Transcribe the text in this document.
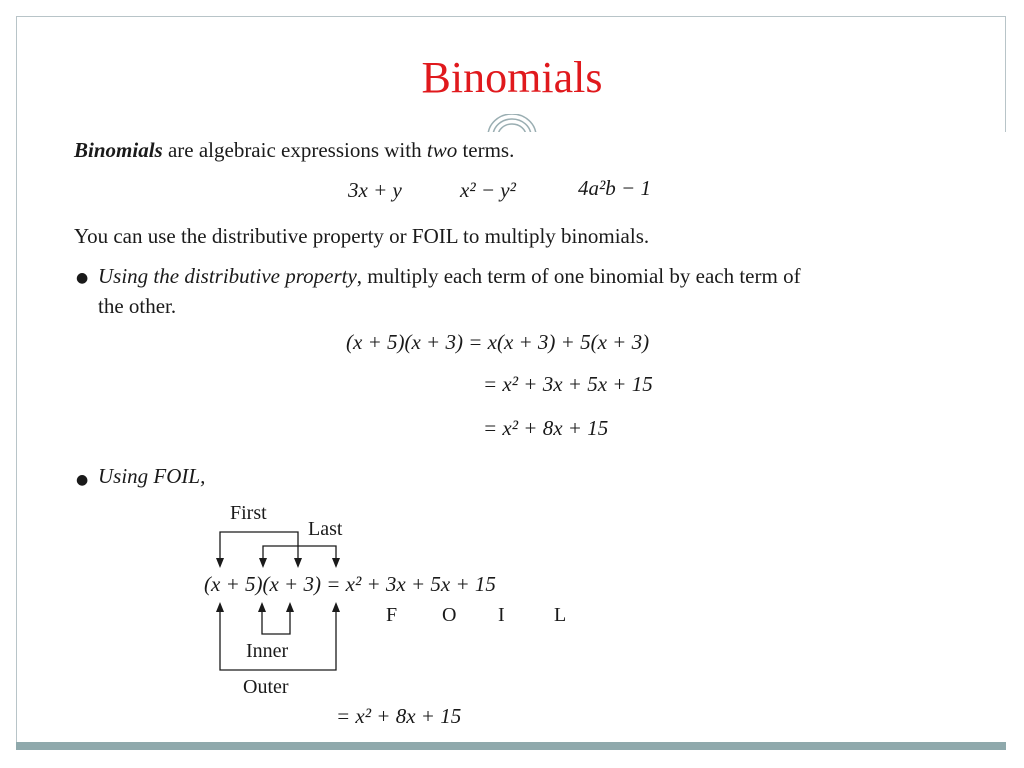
Binomials
Binomials are algebraic expressions with two terms.
3x + y	x² − y²	4a²b − 1
You can use the distributive property or FOIL to multiply binomials.
● Using the distributive property, multiply each term of one binomial by each term of
the other.
(x + 5)(x + 3) = x(x + 3) + 5(x + 3)
= x² + 3x + 5x + 15
= x² + 8x + 15
● Using FOIL,
First
Last
Inner
Outer
(x + 5)(x + 3) = x² + 3x + 5x + 15
F O I L
= x² + 8x + 15
